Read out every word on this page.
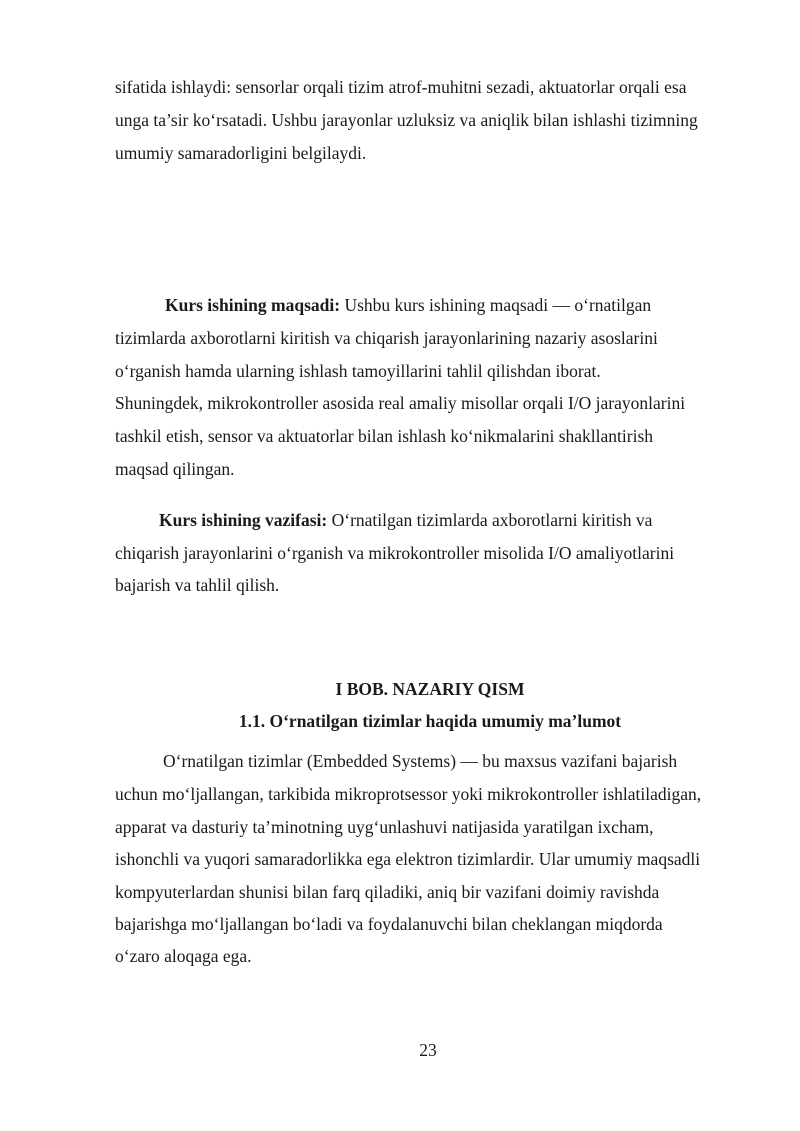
sifatida ishlaydi: sensorlar orqali tizim atrof-muhitni sezadi, aktuatorlar orqali esa
unga ta’sir ko‘rsatadi. Ushbu jarayonlar uzluksiz va aniqlik bilan ishlashi tizimning
umumiy samaradorligini belgilaydi.
Kurs ishining maqsadi: Ushbu kurs ishining maqsadi — o‘rnatilgan
tizimlarda axborotlarni kiritish va chiqarish jarayonlarining nazariy asoslarini
o‘rganish hamda ularning ishlash tamoyillarini tahlil qilishdan iborat.
Shuningdek, mikrokontroller asosida real amaliy misollar orqali I/O jarayonlarini
tashkil etish, sensor va aktuatorlar bilan ishlash ko‘nikmalarini shakllantirish
maqsad qilingan.
Kurs ishining vazifasi: O‘rnatilgan tizimlarda axborotlarni kiritish va
chiqarish jarayonlarini o‘rganish va mikrokontroller misolida I/O amaliyotlarini
bajarish va tahlil qilish.
I BOB. NAZARIY QISM
1.1. O‘rnatilgan tizimlar haqida umumiy ma’lumot
O‘rnatilgan tizimlar (Embedded Systems) — bu maxsus vazifani bajarish
uchun mo‘ljallangan, tarkibida mikroprotsessor yoki mikrokontroller ishlatiladigan,
apparat va dasturiy ta’minotning uyg‘unlashuvi natijasida yaratilgan ixcham,
ishonchli va yuqori samaradorlikka ega elektron tizimlardir. Ular umumiy maqsadli
kompyuterlardan shunisi bilan farq qiladiki, aniq bir vazifani doimiy ravishda
bajarishga mo‘ljallangan bo‘ladi va foydalanuvchi bilan cheklangan miqdorda
o‘zaro aloqaga ega.
23
